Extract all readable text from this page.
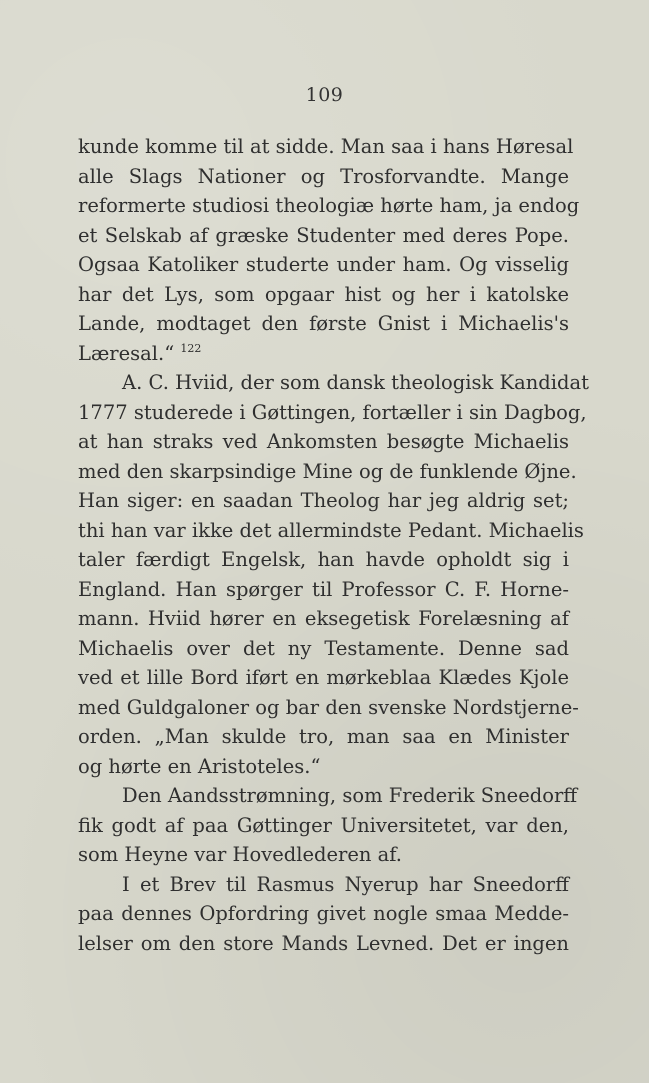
109
kunde komme til at sidde. Man saa i hans Høresal
alle Slags Nationer og Trosforvandte. Mange
reformerte studiosi theologiæ hørte ham, ja endog
et Selskab af græske Studenter med deres Pope.
Ogsaa Katoliker studerte under ham. Og visselig
har det Lys, som opgaar hist og her i katolske
Lande, modtaget den første Gnist i Michaelis's
Læresal.“ $^{122}$
A. C. Hviid, der som dansk theologisk Kandidat
1777 studerede i Gøttingen, fortæller i sin Dagbog,
at han straks ved Ankomsten besøgte Michaelis
med den skarpsindige Mine og de funklende Øjne.
Han siger: en saadan Theolog har jeg aldrig set;
thi han var ikke det allermindste Pedant. Michaelis
taler færdigt Engelsk, han havde opholdt sig i
England. Han spørger til Professor C. F. Horne-
mann. Hviid hører en eksegetisk Forelæsning af
Michaelis over det ny Testamente. Denne sad
ved et lille Bord iført en mørkeblaa Klædes Kjole
med Guldgaloner og bar den svenske Nordstjerne-
orden. „Man skulde tro, man saa en Minister
og hørte en Aristoteles.“
Den Aandsstrømning, som Frederik Sneedorff
fik godt af paa Gøttinger Universitetet, var den,
som Heyne var Hovedlederen af.
I et Brev til Rasmus Nyerup har Sneedorff
paa dennes Opfordring givet nogle smaa Medde-
lelser om den store Mands Levned. Det er ingen
